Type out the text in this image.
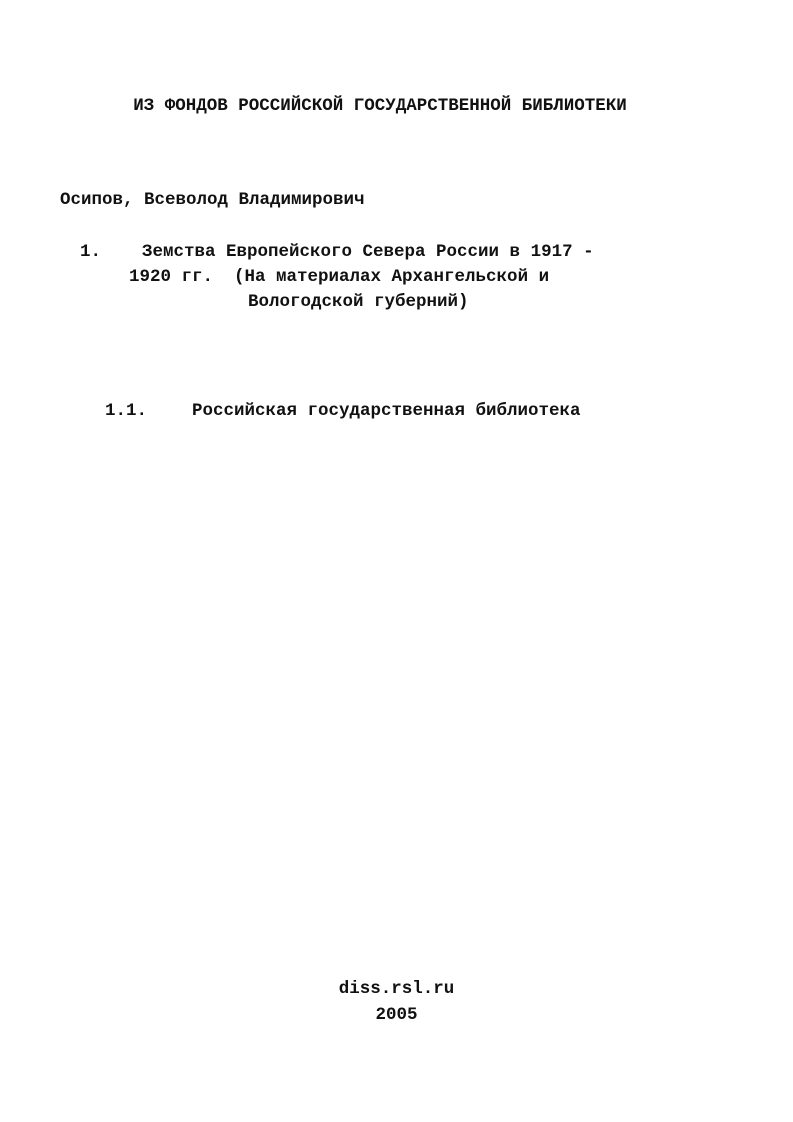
ИЗ ФОНДОВ РОССИЙСКОЙ ГОСУДАРСТВЕННОЙ БИБЛИОТЕКИ
Осипов, Всеволод Владимирович
1. Земства Европейского Севера России в 1917 -
1920 гг.  (На материалах Архангельской и
Вологодской губерний)
1.1.	Российская государственная библиотека
diss.rsl.ru
2005
